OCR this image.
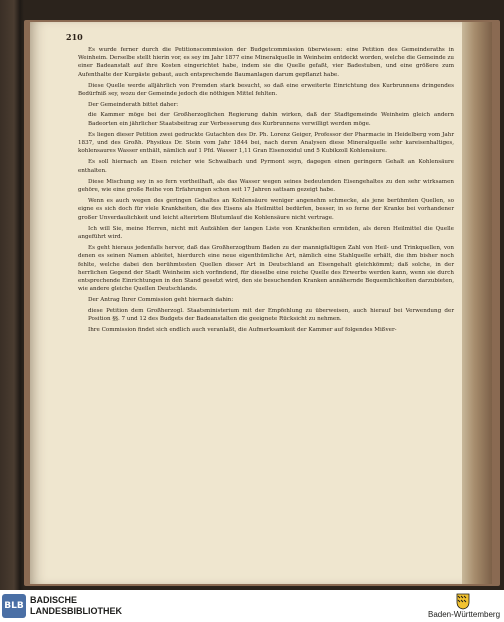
210

Es wurde ferner durch die Petitionscommission der Budgetcommission überwiesen: eine Petition des Gemeinderaths in Weinheim. Derselbe stellt hierin vor, es sey im Jahr 1877 eine Mineralquelle in Weinheim entdeckt worden, welche die Gemeinde zu einer Badeanstalt auf ihre Kosten eingerichtet habe, indem sie die Quelle gefaßt, vier Badestuben, und eine größere zum Aufenthalte der Kurgäste gebaut, auch entsprechende Baumanlagen darum gepflanzt habe.

Diese Quelle werde alljährlich von Fremden stark besucht, so daß eine erweiterte Einrichtung des Kurbrunnens dringendes Bedürfniß sey, wozu der Gemeinde jedoch die nöthigen Mittel fehlten.

Der Gemeinderath bittet daher:

die Kammer möge bei der Großherzoglichen Regierung dahin wirken, daß der Stadtgemeinde Weinheim gleich andern Badeorten ein jährlicher Staatsbeitrag zur Verbesserung des Kurbrunnens verwilligt werden möge.

Es liegen dieser Petition zwei gedruckte Gutachten des Dr. Ph. Lorenz Geiger, Professor der Pharmacie in Heidelberg vom Jahr 1837, und des Großh. Physikus Dr. Stein vom Jahr 1844 bei, nach deren Analysen diese Mineralquelle sehr kareisenhaltiges, kohlensaures Wasser enthält, nämlich auf 1 Pfd. Wasser 1,11 Gran Eisenoxidul und 5 Kubikzoll Kohlensäure.

Es soll hiernach an Eisen reicher wie Schwalbach und Pyrmont seyn, dagegen einen geringern Gehalt an Kohlensäure enthalten.

Diese Mischung sey in so fern vortheilhaft, als das Wasser wegen seines bedeutenden Eisengehaltes zu den sehr wirksamen gehöre, wie eine große Reihe von Erfahrungen schon seit 17 Jahren sattsam gezeigt habe.

Wenn es auch wegen des geringen Gehaltes an Kohlensäure weniger angenehm schmecke, als jene berühmten Quellen, so eigne es sich doch für viele Krankheiten, die des Eisens als Heilmittel bedürfen, besser, in so ferne der Kranke bei vorhandener großer Unverdaulichkeit und leicht alterirtem Blutumlauf die Kohlensäure nicht vertrage.

Ich will Sie, meine Herren, nicht mit Aufzählen der langen Liste von Krankheiten ermüden, als deren Heilmittel die Quelle angeführt wird.

Es geht hieraus jedenfalls hervor, daß das Großherzogthum Baden zu der mannigfaltigen Zahl von Heil- und Trinkquellen, von denen es seinen Namen ableitet, hierdurch eine neue eigenthümliche Art, nämlich eine Stahlquelle erhält, die ihm bisher noch fehlte, welche dabei den berühmtesten Quellen dieser Art in Deutschland an Eisengehalt gleichkömmt; daß solche, in der herrlichen Gegend der Stadt Weinheim sich vorfindend, für dieselbe eine reiche Quelle des Erwerbs werden kann, wenn sie durch entsprechende Einrichtungen in den Stand gesetzt wird, den sie besuchenden Kranken annähernde Bequemlichkeiten darzubieten, wie andere gleiche Quellen Deutschlands.

Der Antrag Ihrer Commission geht hiernach dahin:

diese Petition dem Großherzogl. Staatsministerium mit der Empfehlung zu überweisen, auch hierauf bei Verwendung der Position §§. 7 und 12 des Budgets der Badeanstalten die geeignete Rücksicht zu nehmen.

Ihre Commission findet sich endlich auch veranlaßt, die Aufmerksamkeit der Kammer auf folgendes Mißver-

BLB
BADISCHE
LANDESBIBLIOTHEK	Baden-Württemberg
